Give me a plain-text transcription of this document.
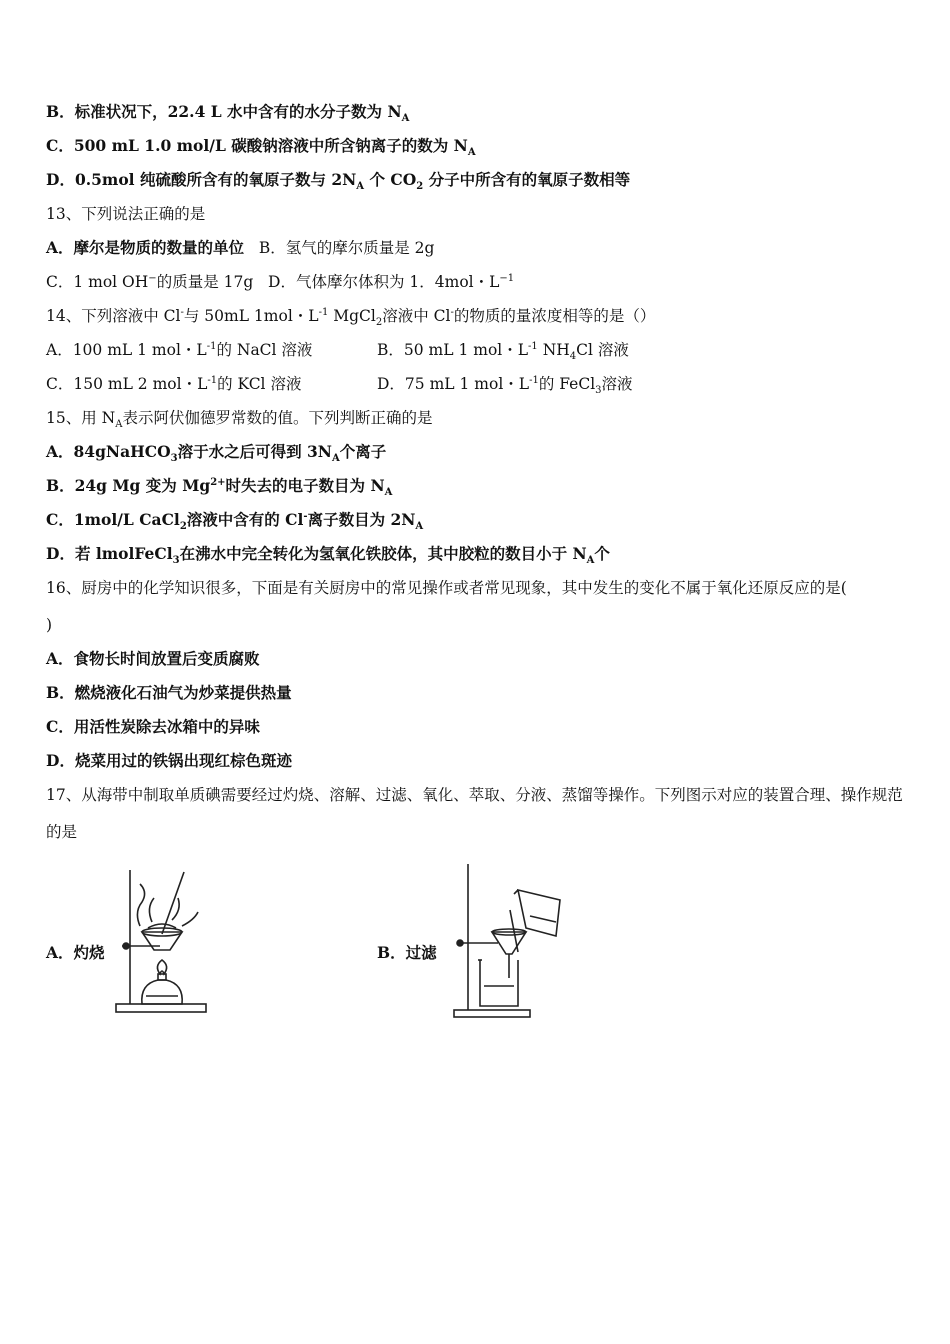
B．标准状况下，22.4 L 水中含有的水分子数为 $N_A$
C．500 mL 1.0 mol/L 碳酸钠溶液中所含钠离子的数为 $N_A$
D．0.5mol 纯硫酸所含有的氧原子数与 $2N_A$ 个 $CO_2$ 分子中所含有的氧原子数相等
13、下列说法正确的是
A．摩尔是物质的数量的单位 B．氢气的摩尔质量是 2g
C．1 mol OH−的质量是 17g D．气体摩尔体积为 1．4mol・$L^{-1}$
14、下列溶液中 Cl-与 50mL 1mol・$L^{-1}$ MgCl$_2$溶液中 Cl-的物质的量浓度相等的是（）
A．100 mL 1 mol・$L^{-1}$的 NaCl 溶液	B．50 mL 1 mol・$L^{-1}$ $NH_4Cl$ 溶液
C．150 mL 2 mol・$L^{-1}$的 KCl 溶液	D．75 mL 1 mol・$L^{-1}$的 FeCl$_3$溶液
15、用 $N_A$表示阿伏伽德罗常数的值。下列判断正确的是
A．84gNaHCO$_3$溶于水之后可得到 $3N_A$个离子
B．24g Mg 变为 $Mg^{2+}$时失去的电子数目为 $N_A$
C．1mol/L CaCl$_2$溶液中含有的 Cl-离子数目为 $2N_A$
D．若 lmolFeCl$_3$在沸水中完全转化为氢氧化铁胶体，其中胶粒的数目小于 $N_A$个
16、厨房中的化学知识很多，下面是有关厨房中的常见操作或者常见现象，其中发生的变化不属于氧化还原反应的是(
)
A．食物长时间放置后变质腐败
B．燃烧液化石油气为炒菜提供热量
C．用活性炭除去冰箱中的异味
D．烧菜用过的铁锅出现红棕色斑迹
17、从海带中制取单质碘需要经过灼烧、溶解、过滤、氧化、萃取、分液、蒸馏等操作。下列图示对应的装置合理、操作规范
的是
A．灼烧	B．过滤
